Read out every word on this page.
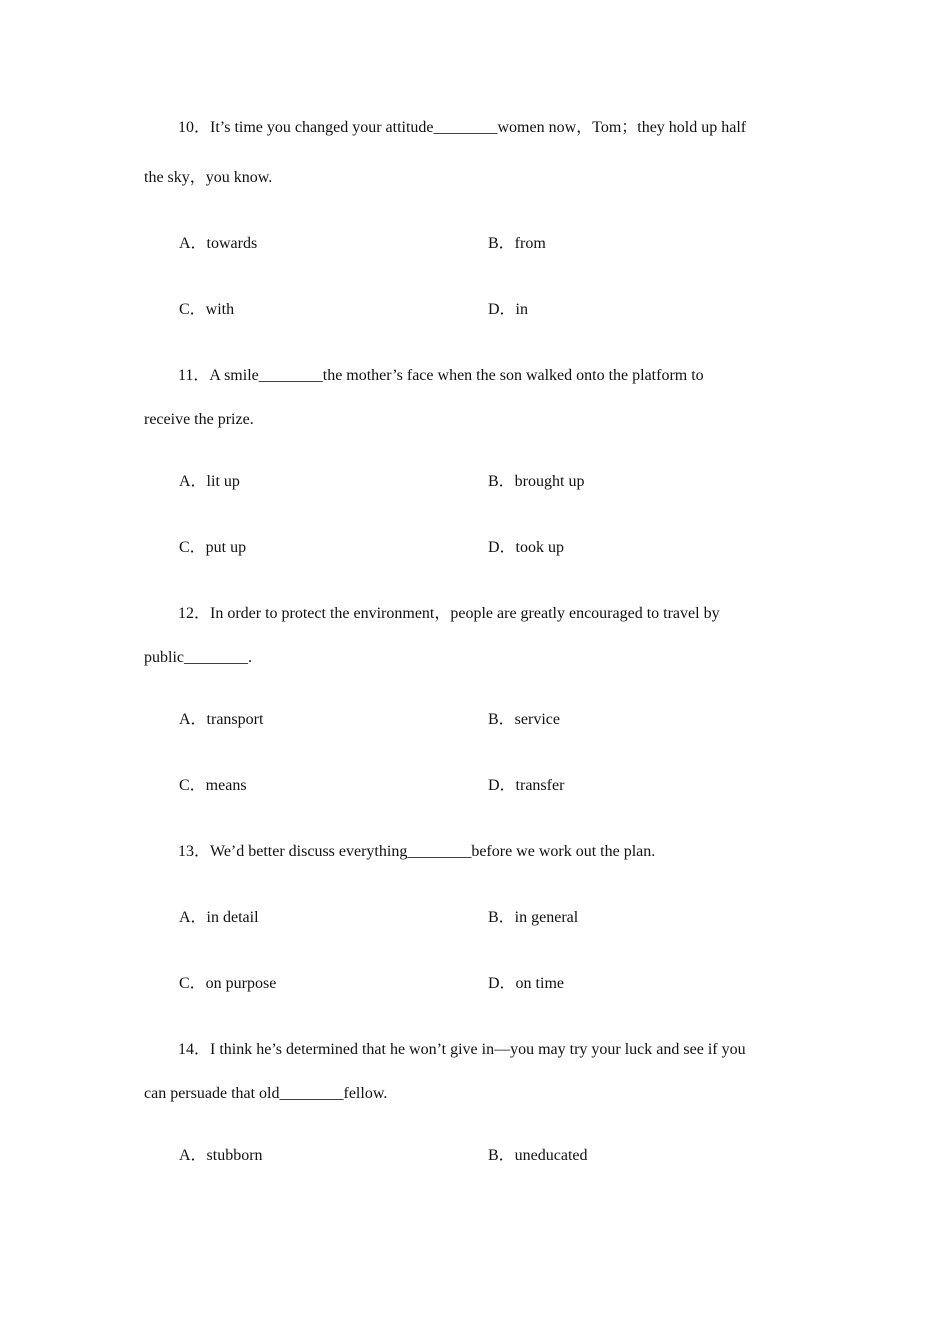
10．It’s time you changed your attitude________women now，Tom；they hold up half
the sky，you know.
A．towards	B．from
C．with	D．in
11．A smile________the mother’s face when the son walked onto the platform to
receive the prize.
A．lit up	B．brought up
C．put up	D．took up
12．In order to protect the environment，people are greatly encouraged to travel by
public________.
A．transport	B．service
C．means	D．transfer
13．We’d better discuss everything________before we work out the plan.
A．in detail	B．in general
C．on purpose	D．on time
14．I think he’s determined that he won’t give in—you may try your luck and see if you
can persuade that old________fellow.
A．stubborn	B．uneducated
